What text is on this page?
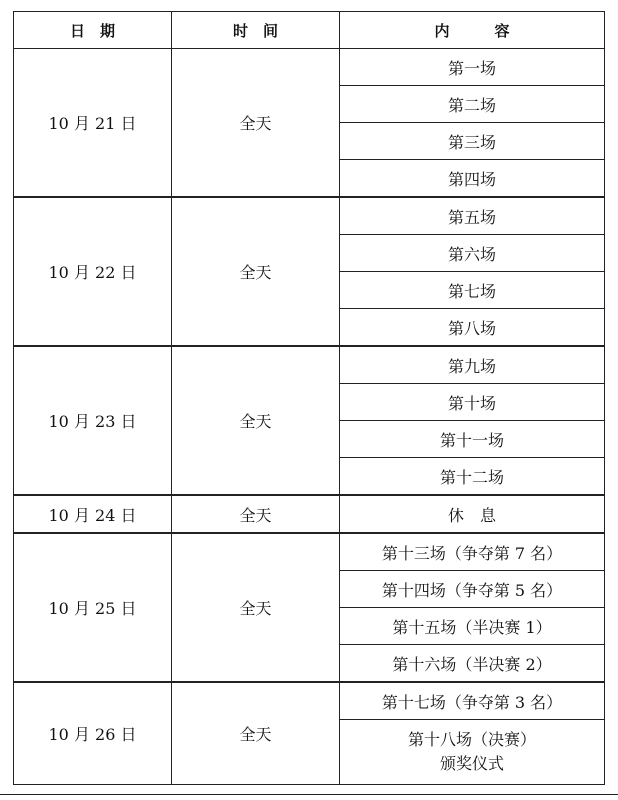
日　期	时　间	内　　　容
10 月 21 日	全天	第一场
		第二场
		第三场
		第四场
10 月 22 日	全天	第五场
		第六场
		第七场
		第八场
10 月 23 日	全天	第九场
		第十场
		第十一场
		第十二场
10 月 24 日	全天	休　息
10 月 25 日	全天	第十三场（争夺第 7 名）
		第十四场（争夺第 5 名）
		第十五场（半决赛 1）
		第十六场（半决赛 2）
10 月 26 日	全天	第十七场（争夺第 3 名）
		第十八场（决赛）
颁奖仪式
